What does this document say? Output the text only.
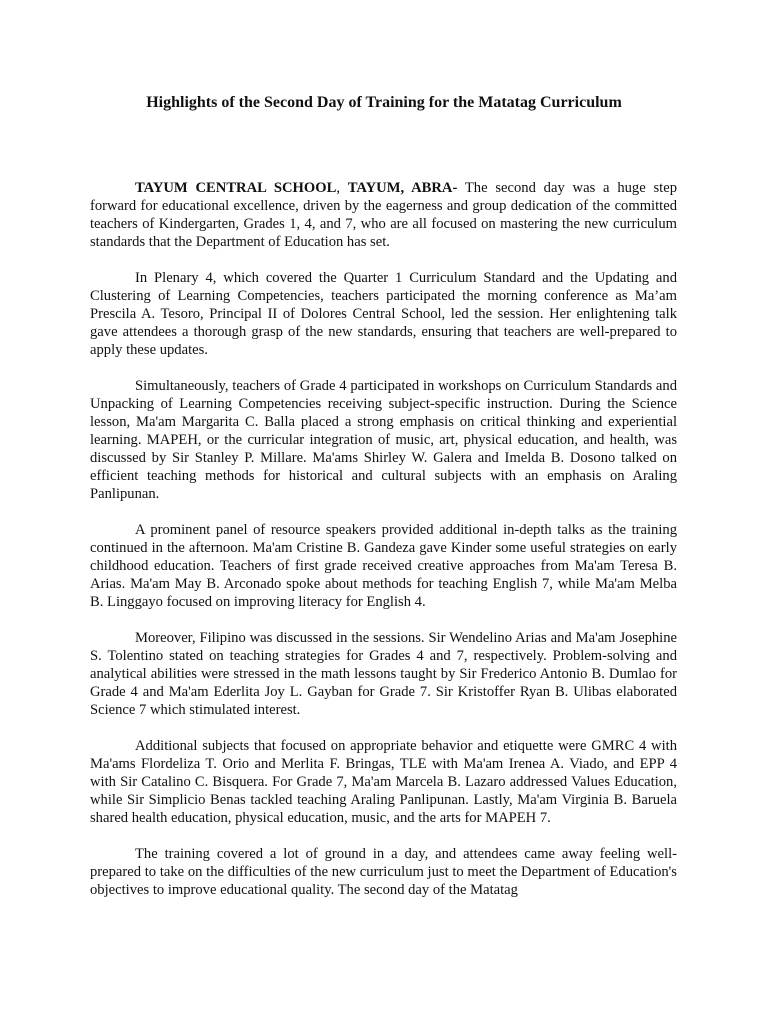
Highlights of the Second Day of Training for the Matatag Curriculum

TAYUM CENTRAL SCHOOL, TAYUM, ABRA- The second day was a huge step forward for educational excellence, driven by the eagerness and group dedication of the committed teachers of Kindergarten, Grades 1, 4, and 7, who are all focused on mastering the new curriculum standards that the Department of Education has set.

In Plenary 4, which covered the Quarter 1 Curriculum Standard and the Updating and Clustering of Learning Competencies, teachers participated the morning conference as Ma’am Prescila A. Tesoro, Principal II of Dolores Central School, led the session. Her enlightening talk gave attendees a thorough grasp of the new standards, ensuring that teachers are well-prepared to apply these updates.

Simultaneously, teachers of Grade 4 participated in workshops on Curriculum Standards and Unpacking of Learning Competencies receiving subject-specific instruction. During the Science lesson, Ma'am Margarita C. Balla placed a strong emphasis on critical thinking and experiential learning. MAPEH, or the curricular integration of music, art, physical education, and health, was discussed by Sir Stanley P. Millare. Ma'ams Shirley W. Galera and Imelda B. Dosono talked on efficient teaching methods for historical and cultural subjects with an emphasis on Araling Panlipunan.

A prominent panel of resource speakers provided additional in-depth talks as the training continued in the afternoon. Ma'am Cristine B. Gandeza gave Kinder some useful strategies on early childhood education. Teachers of first grade received creative approaches from Ma'am Teresa B. Arias. Ma'am May B. Arconado spoke about methods for teaching English 7, while Ma'am Melba B. Linggayo focused on improving literacy for English 4.

Moreover, Filipino was discussed in the sessions. Sir Wendelino Arias and Ma'am Josephine S. Tolentino stated on teaching strategies for Grades 4 and 7, respectively. Problem-solving and analytical abilities were stressed in the math lessons taught by Sir Frederico Antonio B. Dumlao for Grade 4 and Ma'am Ederlita Joy L. Gayban for Grade 7. Sir Kristoffer Ryan B. Ulibas elaborated Science 7 which stimulated interest.

Additional subjects that focused on appropriate behavior and etiquette were GMRC 4 with Ma'ams Flordeliza T. Orio and Merlita F. Bringas, TLE with Ma'am Irenea A. Viado, and EPP 4 with Sir Catalino C. Bisquera. For Grade 7, Ma'am Marcela B. Lazaro addressed Values Education, while Sir Simplicio Benas tackled teaching Araling Panlipunan. Lastly, Ma'am Virginia B. Baruela shared health education, physical education, music, and the arts for MAPEH 7.

The training covered a lot of ground in a day, and attendees came away feeling well-prepared to take on the difficulties of the new curriculum just to meet the Department of Education's objectives to improve educational quality. The second day of the Matatag
